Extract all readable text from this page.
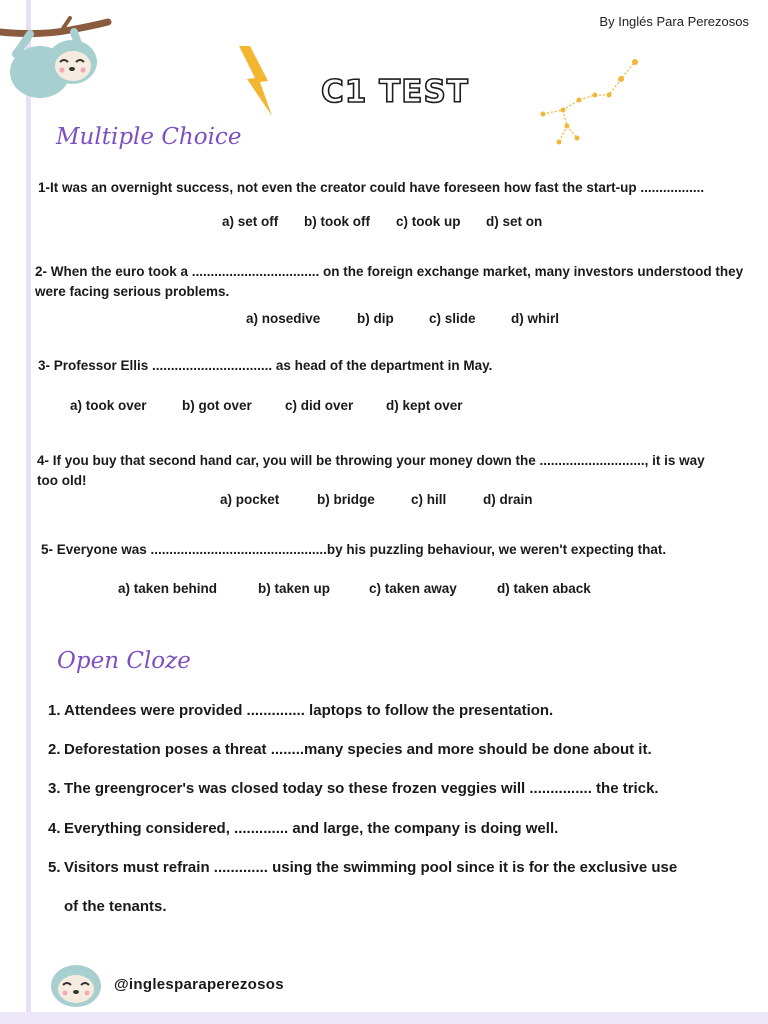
By Inglés Para Perezosos
C1 TEST
Multiple Choice
1-It was an overnight success, not even the creator could have foreseen how fast the start-up .................
a) set off b) took off c) took up d) set on
2- When the euro took a .................................. on the foreign exchange market, many investors understood they were facing serious problems.
a) nosedive	b) dip	c) slide	d) whirl
3- Professor Ellis ................................ as head of the department in May.
a) took over	b) got over c) did over d) kept over
4- If you buy that second hand car, you will be throwing your money down the ............................, it is way too old!
a) pocket	b) bridge	c) hill	d) drain
5- Everyone was ...............................................by his puzzling behaviour, we weren't expecting that.
a) taken behind	b) taken up	c) taken away	d) taken aback
Open Cloze
1. Attendees were provided .............. laptops to follow the presentation.
2. Deforestation poses a threat ........many species and more should be done about it.
3. The greengrocer's was closed today so these frozen veggies will ............... the trick.
4. Everything considered, ............. and large, the company is doing well.
5. Visitors must refrain ............. using the swimming pool since it is for the exclusive use
of the tenants.
@inglesparaperezosos
